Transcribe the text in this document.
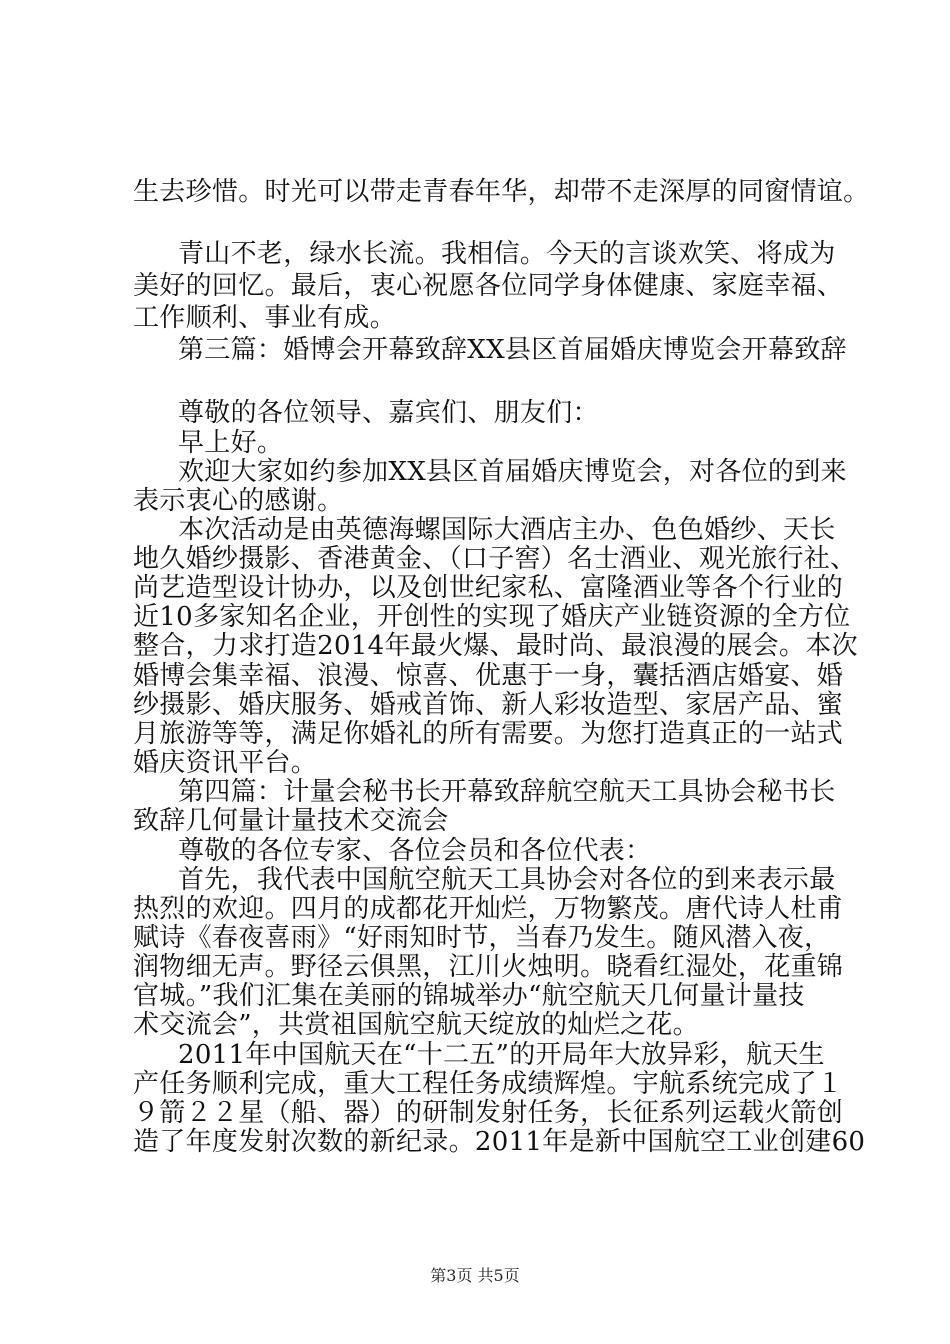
生去珍惜。时光可以带走青春年华，却带不走深厚的同窗情谊。

青山不老，绿水长流。我相信。今天的言谈欢笑、将成为

美好的回忆。最后，衷心祝愿各位同学身体健康、家庭幸福、

工作顺利、事业有成。

第三篇：婚博会开幕致辞XX县区首届婚庆博览会开幕致辞

尊敬的各位领导、嘉宾们、朋友们：

早上好。

欢迎大家如约参加XX县区首届婚庆博览会，对各位的到来

表示衷心的感谢。

本次活动是由英德海螺国际大酒店主办、色色婚纱、天长

地久婚纱摄影、香港黄金、（口子窖）名士酒业、观光旅行社、

尚艺造型设计协办，以及创世纪家私、富隆酒业等各个行业的

近10多家知名企业，开创性的实现了婚庆产业链资源的全方位

整合，力求打造2014年最火爆、最时尚、最浪漫的展会。本次

婚博会集幸福、浪漫、惊喜、优惠于一身，囊括酒店婚宴、婚

纱摄影、婚庆服务、婚戒首饰、新人彩妆造型、家居产品、蜜

月旅游等等，满足你婚礼的所有需要。为您打造真正的一站式

婚庆资讯平台。

第四篇：计量会秘书长开幕致辞航空航天工具协会秘书长

致辞几何量计量技术交流会

尊敬的各位专家、各位会员和各位代表：

首先，我代表中国航空航天工具协会对各位的到来表示最

热烈的欢迎。四月的成都花开灿烂，万物繁茂。唐代诗人杜甫

赋诗《春夜喜雨》“好雨知时节，当春乃发生。随风潜入夜，

润物细无声。野径云俱黑，江川火烛明。晓看红湿处，花重锦

官城。”我们汇集在美丽的锦城举办“航空航天几何量计量技

术交流会”，共赏祖国航空航天绽放的灿烂之花。

2011年中国航天在“十二五”的开局年大放异彩，航天生

产任务顺利完成，重大工程任务成绩辉煌。宇航系统完成了１

９箭２２星（船、器）的研制发射任务，长征系列运载火箭创

造了年度发射次数的新纪录。2011年是新中国航空工业创建60

第3页 共5页
